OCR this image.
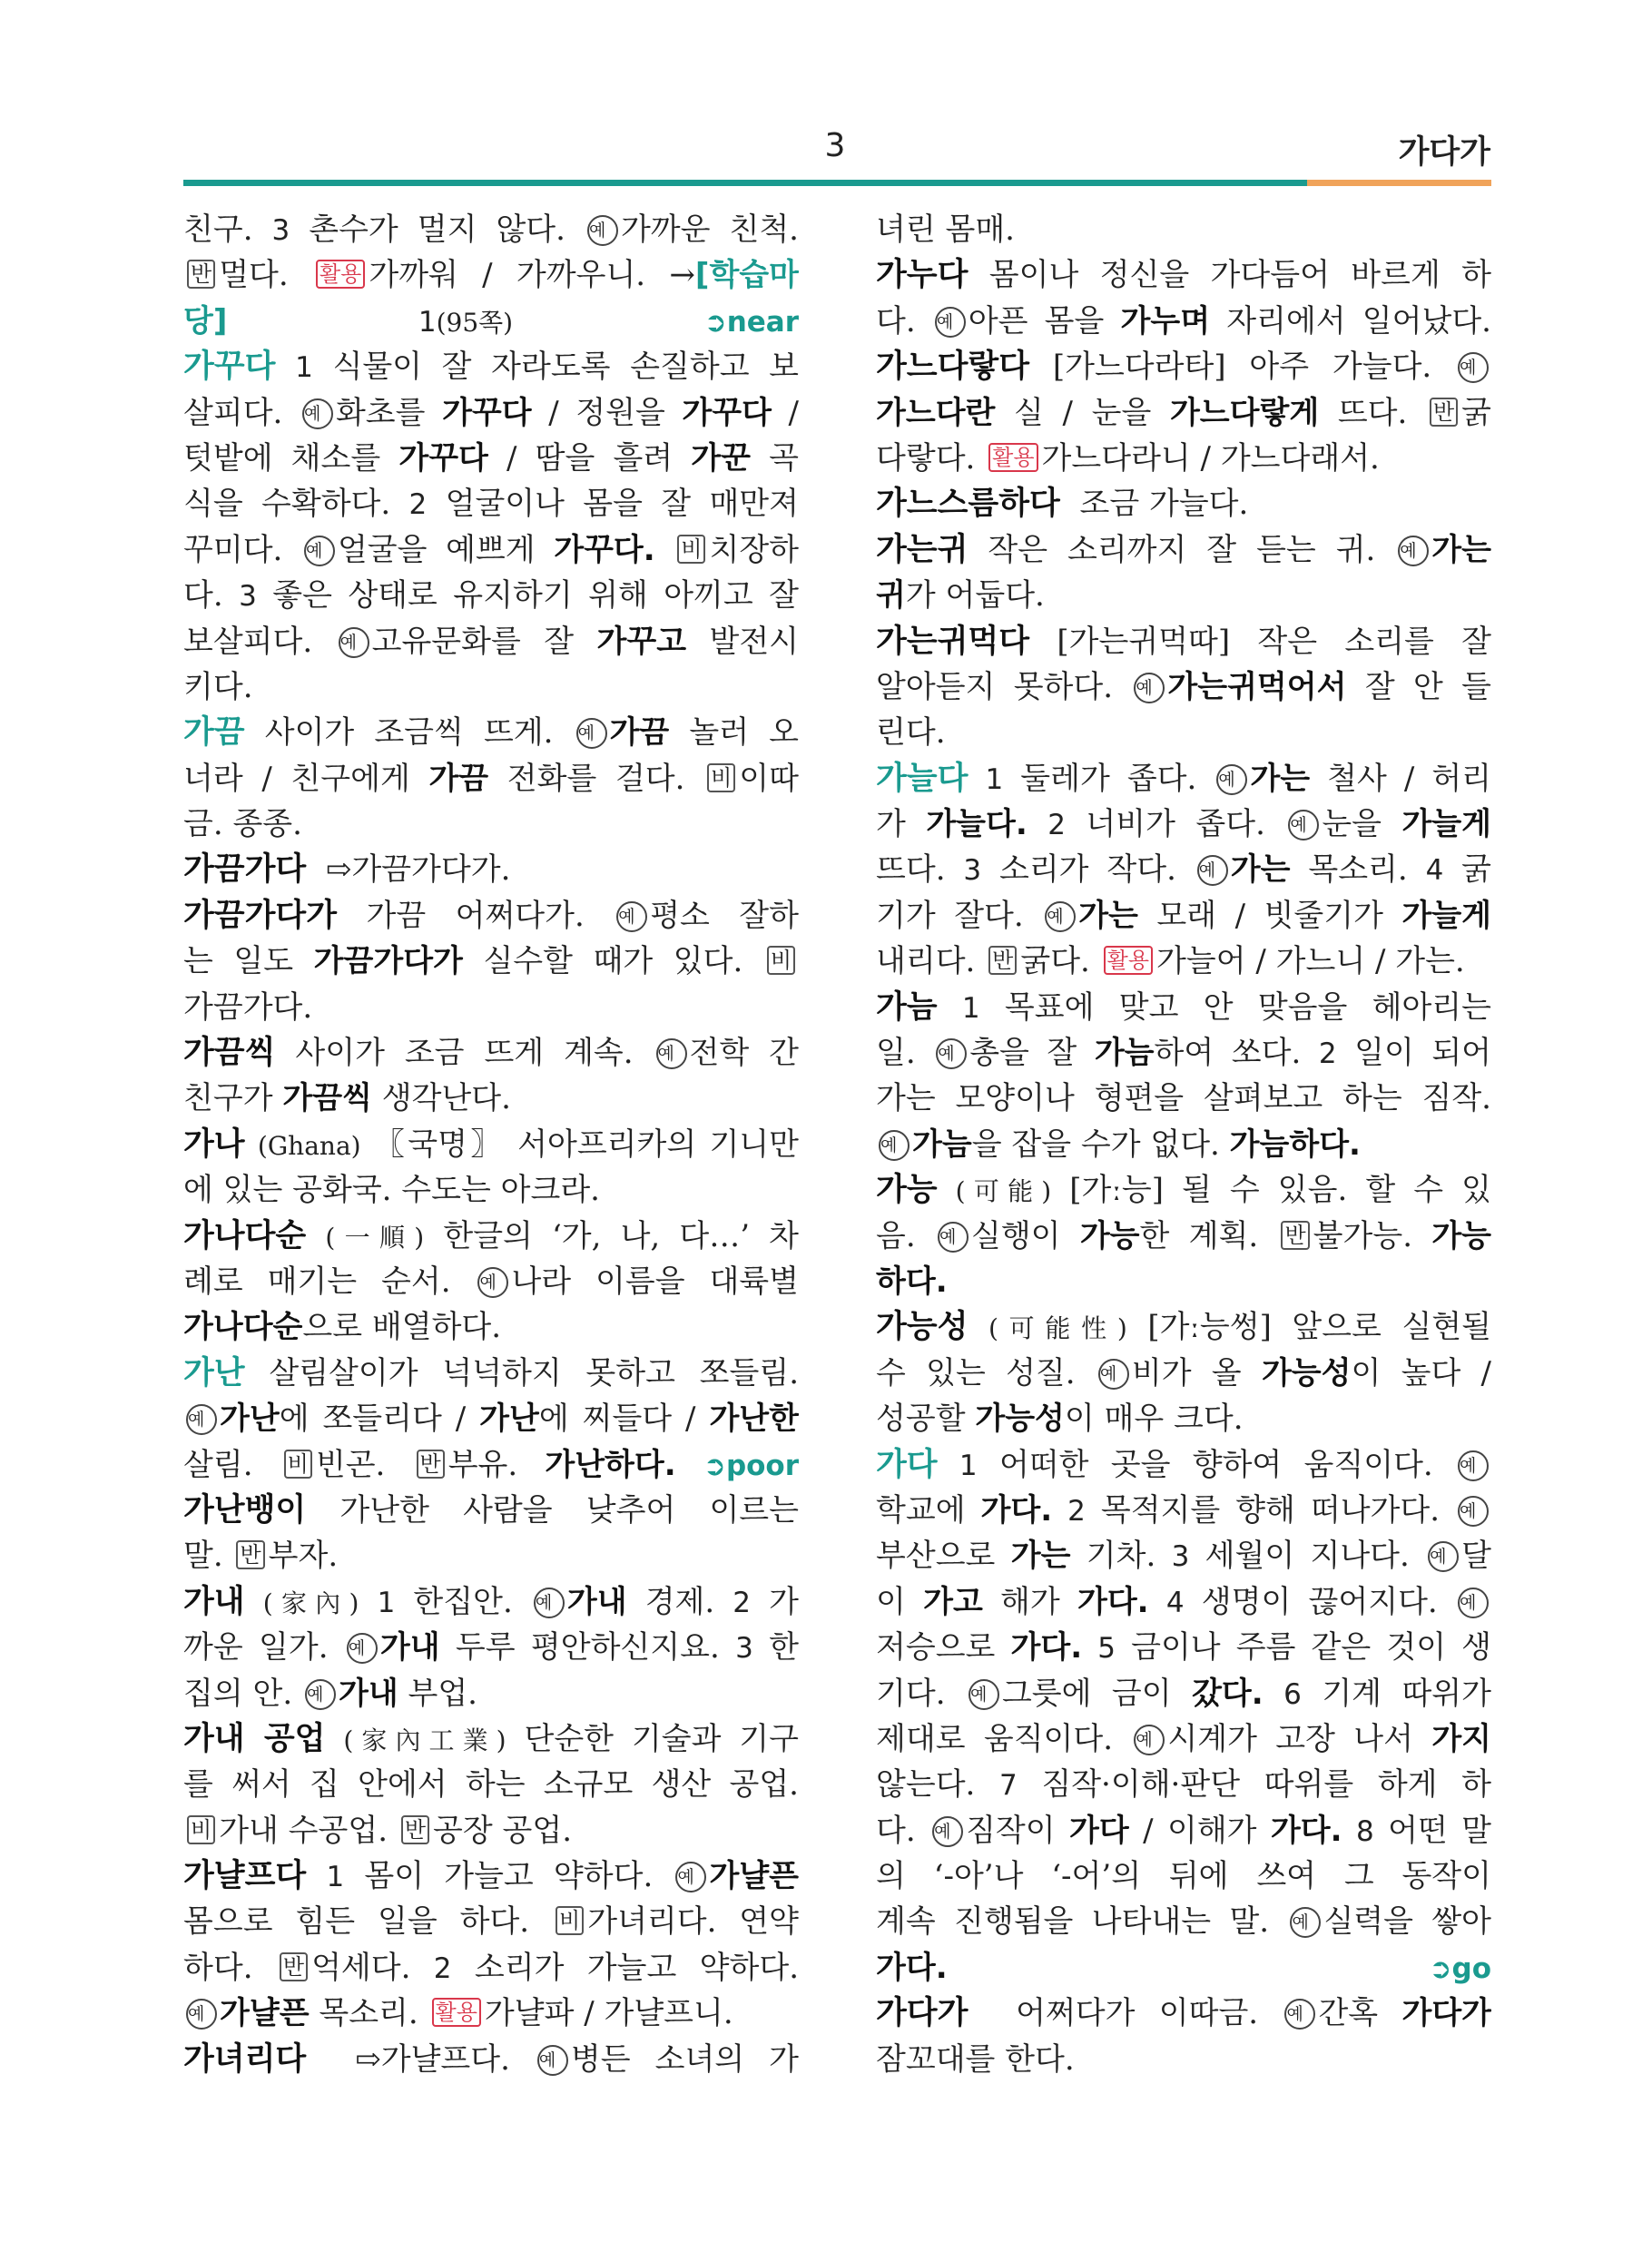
3	가다가
친구. 3 촌수가 멀지 않다. 예 가까운 친척.
반 멀다. 활용 가까워 / 가까우니. →[학습마
당]	1(95쪽)	➲near
가꾸다 1 식물이 잘 자라도록 손질하고 보
살피다. 예 화초를 가꾸다 / 정원을 가꾸다 /
텃밭에 채소를 가꾸다 / 땀을 흘려 가꾼 곡
식을 수확하다. 2 얼굴이나 몸을 잘 매만져
꾸미다. 예 얼굴을 예쁘게 가꾸다. 비 치장하
다. 3 좋은 상태로 유지하기 위해 아끼고 잘
보살피다. 예 고유문화를 잘 가꾸고 발전시
키다.
가끔 사이가 조금씩 뜨게. 예 가끔 놀러 오
너라 / 친구에게 가끔 전화를 걸다. 비 이따
금. 종종.
가끔가다 ⇨가끔가다가.
가끔가다가 가끔 어쩌다가. 예 평소 잘하
는 일도 가끔가다가 실수할 때가 있다. 비
가끔가다.
가끔씩 사이가 조금 뜨게 계속. 예 전학 간
친구가 가끔씩 생각난다.
가나 (Ghana) 〖국명〗 서아프리카의 기니만
에 있는 공화국. 수도는 아크라.
가나다순 (一順) 한글의 ‘가, 나, 다…’ 차
례로 매기는 순서. 예 나라 이름을 대륙별
가나다순으로 배열하다.
가난 살림살이가 넉넉하지 못하고 쪼들림.
예 가난에 쪼들리다 / 가난에 찌들다 / 가난한
살림. 비 빈곤. 반 부유. 가난하다. ➲poor
가난뱅이 가난한 사람을 낮추어 이르는
말. 반 부자.
가내 (家內) 1 한집안. 예 가내 경제. 2 가
까운 일가. 예 가내 두루 평안하신지요. 3 한
집의 안. 예 가내 부업.
가내 공업 (家內工業) 단순한 기술과 기구
를 써서 집 안에서 하는 소규모 생산 공업.
비 가내 수공업. 반 공장 공업.
가냘프다 1 몸이 가늘고 약하다. 예 가냘픈
몸으로 힘든 일을 하다. 비 가녀리다. 연약
하다. 반 억세다. 2 소리가 가늘고 약하다.
예 가냘픈 목소리. 활용 가냘파 / 가냘프니.
가녀리다 ⇨가냘프다. 예 병든 소녀의 가
녀린 몸매.
가누다 몸이나 정신을 가다듬어 바르게 하
다. 예 아픈 몸을 가누며 자리에서 일어났다.
가느다랗다 [가느다라타] 아주 가늘다. 예
가느다란 실 / 눈을 가느다랗게 뜨다. 반 굵
다랗다. 활용 가느다라니 / 가느다래서.
가느스름하다 조금 가늘다.
가는귀 작은 소리까지 잘 듣는 귀. 예 가는
귀가 어둡다.
가는귀먹다 [가는귀먹따] 작은 소리를 잘
알아듣지 못하다. 예 가는귀먹어서 잘 안 들
린다.
가늘다 1 둘레가 좁다. 예 가는 철사 / 허리
가 가늘다. 2 너비가 좁다. 예 눈을 가늘게
뜨다. 3 소리가 작다. 예 가는 목소리. 4 굵
기가 잘다. 예 가는 모래 / 빗줄기가 가늘게
내리다. 반 굵다. 활용 가늘어 / 가느니 / 가는.
가늠 1 목표에 맞고 안 맞음을 헤아리는
일. 예 총을 잘 가늠하여 쏘다. 2 일이 되어
가는 모양이나 형편을 살펴보고 하는 짐작.
예 가늠을 잡을 수가 없다. 가늠하다.
가능 (可能) [가ː능] 될 수 있음. 할 수 있
음. 예 실행이 가능한 계획. 반 불가능. 가능
하다.
가능성 (可能性) [가ː능썽] 앞으로 실현될
수 있는 성질. 예 비가 올 가능성이 높다 /
성공할 가능성이 매우 크다.
가다 1 어떠한 곳을 향하여 움직이다. 예
학교에 가다. 2 목적지를 향해 떠나가다. 예
부산으로 가는 기차. 3 세월이 지나다. 예 달
이 가고 해가 가다. 4 생명이 끊어지다. 예
저승으로 가다. 5 금이나 주름 같은 것이 생
기다. 예 그릇에 금이 갔다. 6 기계 따위가
제대로 움직이다. 예 시계가 고장 나서 가지
않는다. 7 짐작·이해·판단 따위를 하게 하
다. 예 짐작이 가다 / 이해가 가다. 8 어떤 말
의 ‘-아’나 ‘-어’의 뒤에 쓰여 그 동작이
계속 진행됨을 나타내는 말. 예 실력을 쌓아
가다.	➲go
가다가 어쩌다가 이따금. 예 간혹 가다가
잠꼬대를 한다.
